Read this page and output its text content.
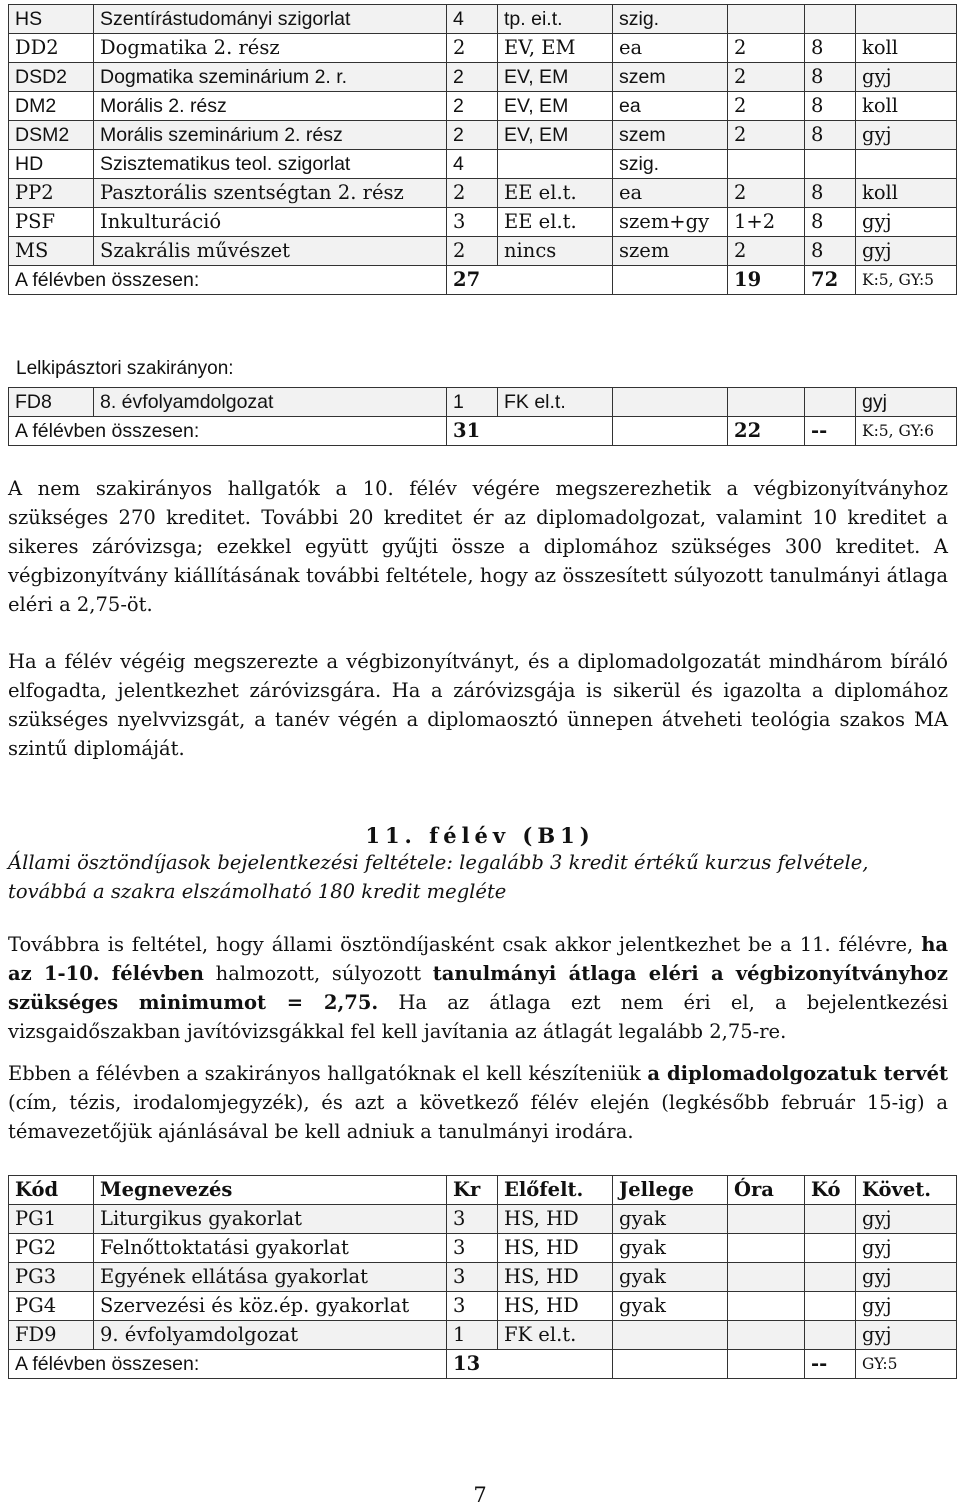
HS	Szentírástudományi szigorlat	4	tp. ei.t.	szig.			
DD2	Dogmatika 2. rész	2	EV, EM	ea	2	8	koll
DSD2	Dogmatika szeminárium 2. r.	2	EV, EM	szem	2	8	gyj
DM2	Morális 2. rész	2	EV, EM	ea	2	8	koll
DSM2	Morális szeminárium 2. rész	2	EV, EM	szem	2	8	gyj
HD	Szisztematikus teol. szigorlat	4		szig.			
PP2	Pasztorális szentségtan 2. rész	2	EE el.t.	ea	2	8	koll
PSF	Inkulturáció	3	EE el.t.	szem+gy	1+2	8	gyj
MS	Szakrális művészet	2	nincs	szem	2	8	gyj
A félévben összesen:		27			19	72	K:5, GY:5
Lelkipásztori szakirányon:
FD8	8. évfolyamdolgozat	1	FK el.t.				gyj
A félévben összesen:		31			22	--	K:5, GY:6

A nem szakirányos hallgatók a 10. félév végére megszerezhetik a végbizonyítványhoz szükséges 270 kreditet. További 20 kreditet ér az diplomadolgozat, valamint 10 kreditet a sikeres záróvizsga; ezekkel együtt gyűjti össze a diplomához szükséges 300 kreditet. A végbizonyítvány kiállításának további feltétele, hogy az összesített súlyozott tanulmányi átlaga eléri a 2,75-öt.

Ha a félév végéig megszerezte a végbizonyítványt, és a diplomadolgozatát mindhárom bíráló elfogadta, jelentkezhet záróvizsgára. Ha a záróvizsgája is sikerül és igazolta a diplomához szükséges nyelvvizsgát, a tanév végén a diplomaosztó ünnepen átveheti teológia szakos MA szintű diplomáját.

11. félév (B1)
Állami ösztöndíjasok bejelentkezési feltétele: legalább 3 kredit értékű kurzus felvétele, továbbá a szakra elszámolható 180 kredit megléte

Továbbra is feltétel, hogy állami ösztöndíjasként csak akkor jelentkezhet be a 11. félévre, ha az 1-10. félévben halmozott, súlyozott tanulmányi átlaga eléri a végbizonyítványhoz szükséges minimumot = 2,75. Ha az átlaga ezt nem éri el, a bejelentkezési vizsgaidőszakban javítóvizsgákkal fel kell javítania az átlagát legalább 2,75-re.

Ebben a félévben a szakirányos hallgatóknak el kell készíteniük a diplomadolgozatuk tervét (cím, tézis, irodalomjegyzék), és azt a következő félév elején (legkésőbb február 15-ig) a témavezetőjük ajánlásával be kell adniuk a tanulmányi irodára.

Kód	Megnevezés	Kr	Előfelt.	Jellege	Óra	Kó	Követ.
PG1	Liturgikus gyakorlat	3	HS, HD	gyak			gyj
PG2	Felnőttoktatási gyakorlat	3	HS, HD	gyak			gyj
PG3	Egyének ellátása gyakorlat	3	HS, HD	gyak			gyj
PG4	Szervezési és köz.ép. gyakorlat	3	HS, HD	gyak			gyj
FD9	9. évfolyamdolgozat	1	FK el.t.				gyj
A félévben összesen:		13				--	GY:5
7
